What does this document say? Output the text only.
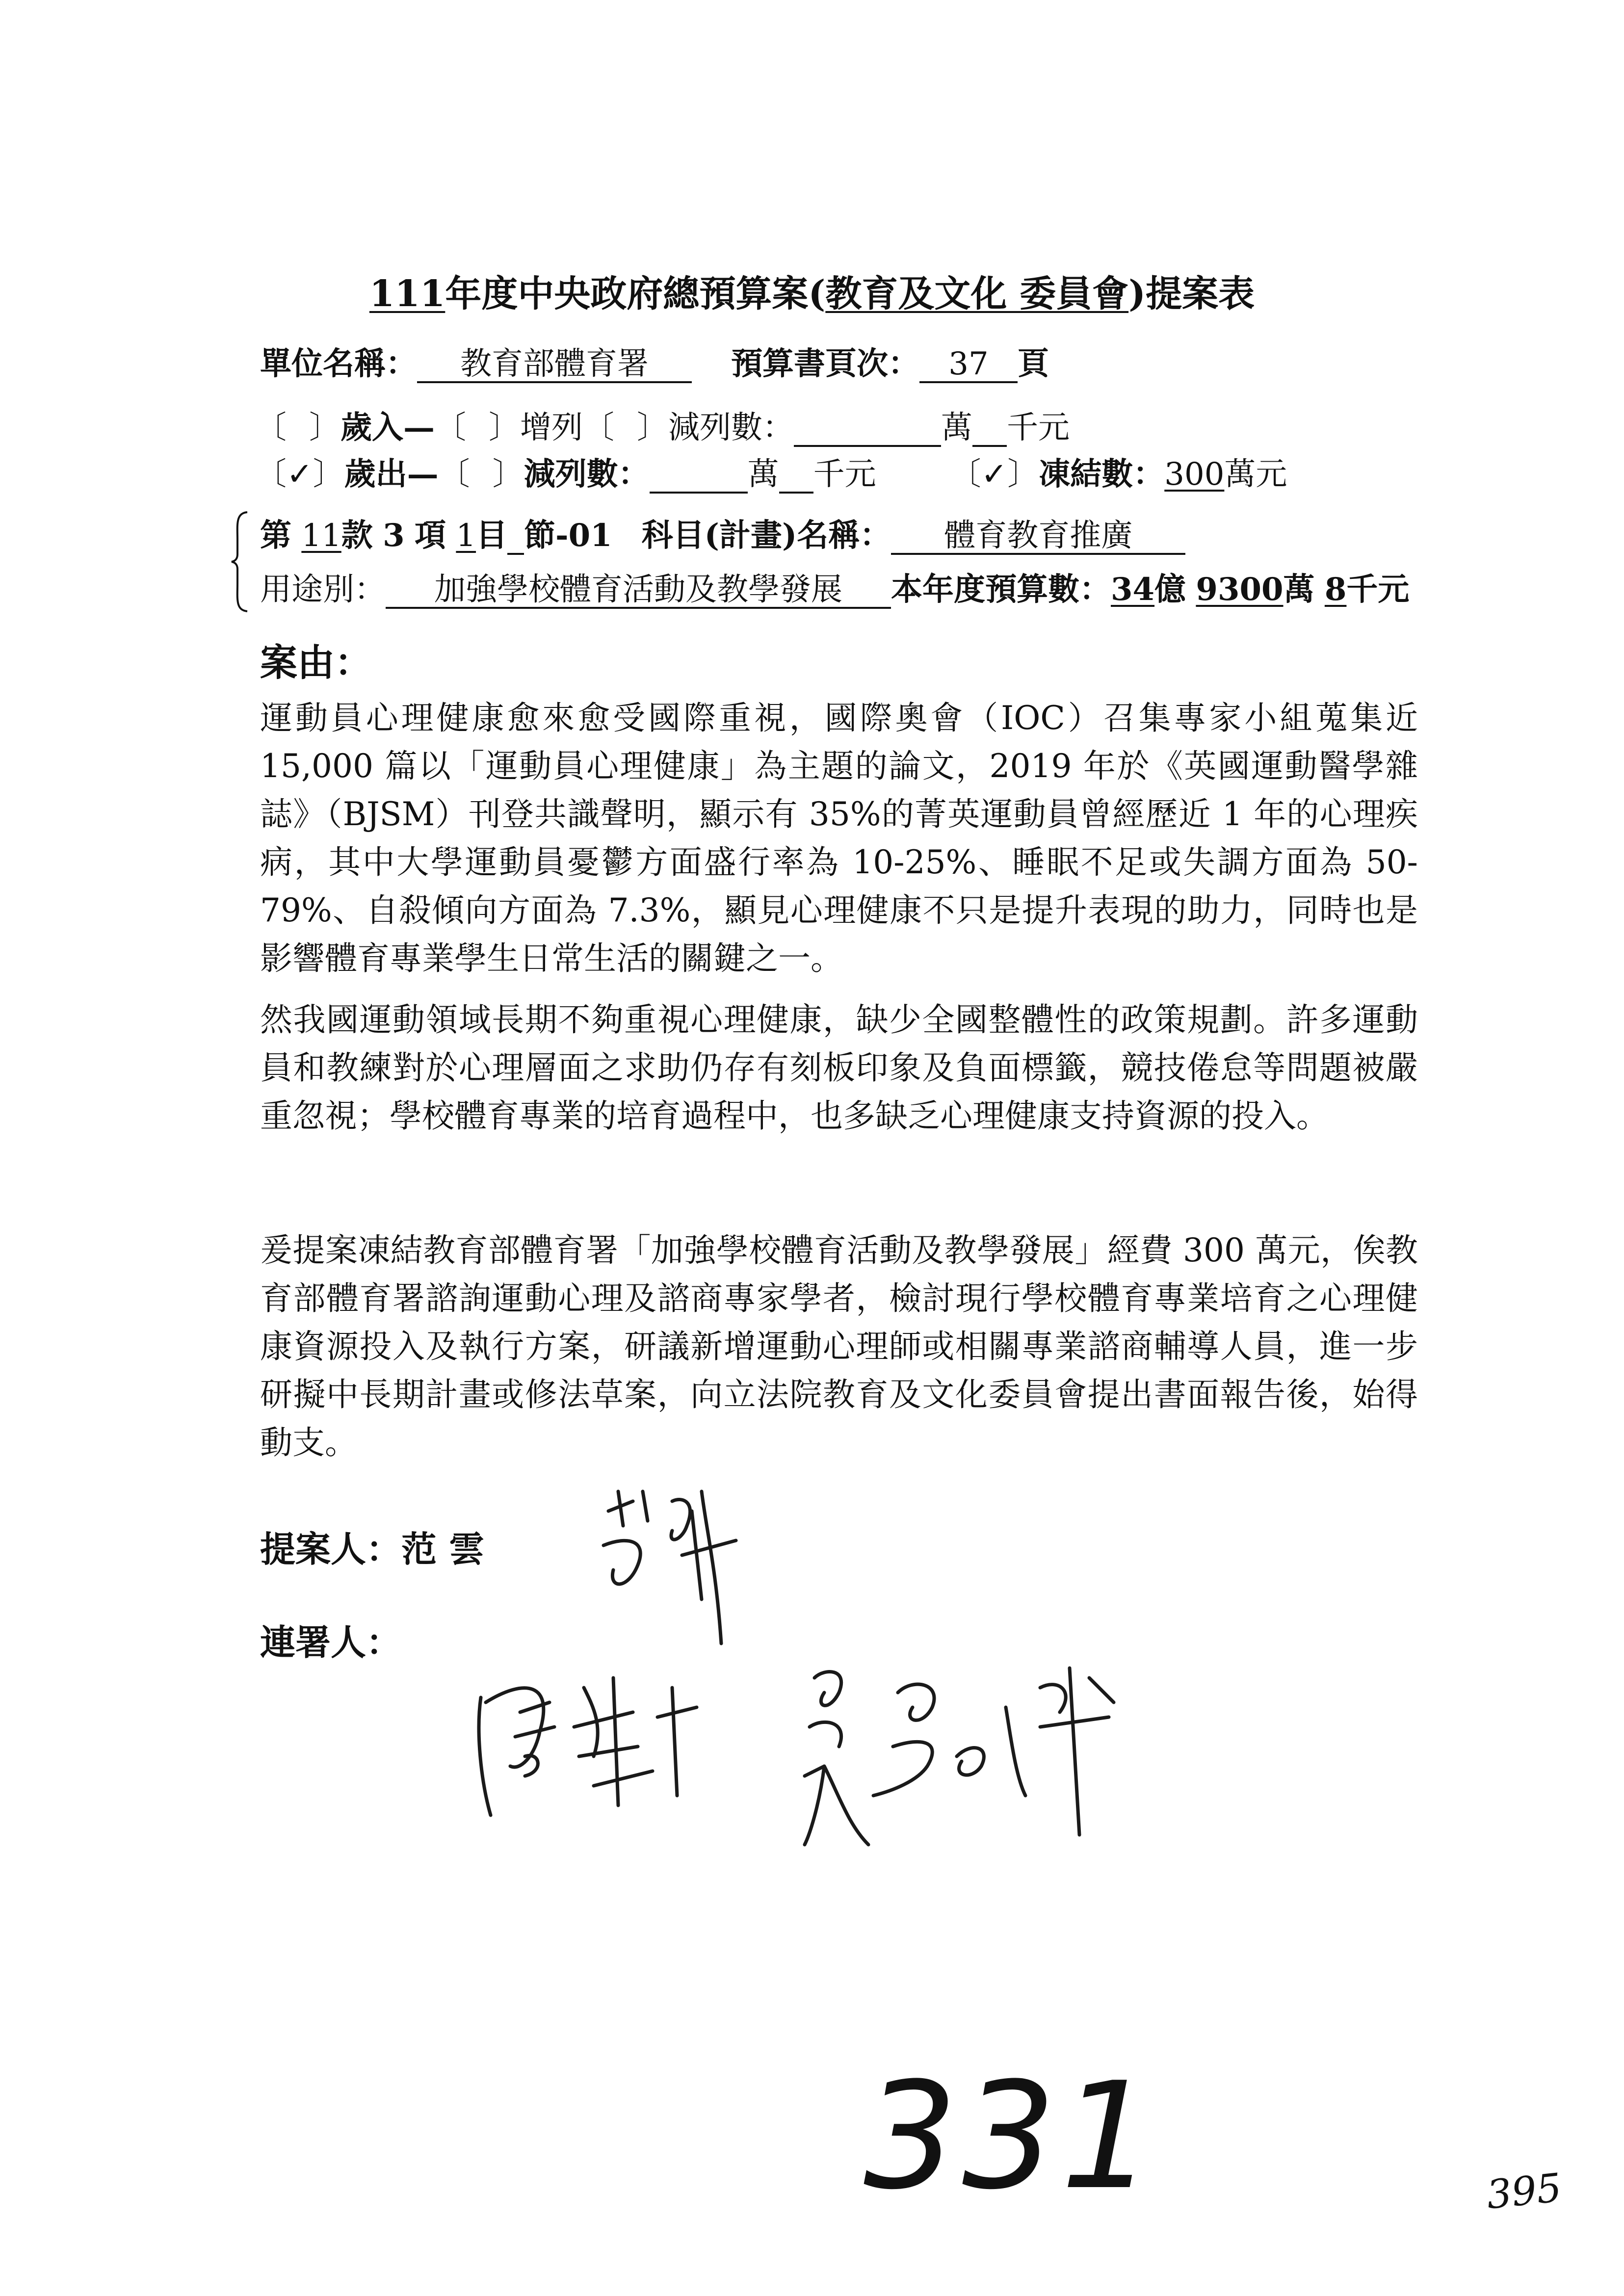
111年度中央政府總預算案(教育及文化 委員會)提案表
單位名稱： 教育部體育署	預算書頁次： 37 頁
〔 〕歲入—〔 〕增列〔 〕減列數：	萬 千元
〔✓〕歲出—〔 〕減列數：	萬 千元 〔✓〕凍結數：300萬元
第 11款 3 項 1目 節-01 科目(計畫)名稱： 體育教育推廣
用途別： 加強學校體育活動及教學發展 本年度預算數：34億 9300萬 8千元
案由：
運動員心理健康愈來愈受國際重視，國際奧會（IOC）召集專家小組蒐集近 15,000 篇以「運動員心理健康」為主題的論文，2019 年於《英國運動醫學雜誌》（BJSM）刊登共識聲明，顯示有 35%的菁英運動員曾經歷近 1 年的心理疾病，其中大學運動員憂鬱方面盛行率為 10-25%、睡眠不足或失調方面為 50-79%、自殺傾向方面為 7.3%，顯見心理健康不只是提升表現的助力，同時也是影響體育專業學生日常生活的關鍵之一。
然我國運動領域長期不夠重視心理健康，缺少全國整體性的政策規劃。許多運動員和教練對於心理層面之求助仍存有刻板印象及負面標籤，競技倦怠等問題被嚴重忽視；學校體育專業的培育過程中，也多缺乏心理健康支持資源的投入。
爰提案凍結教育部體育署「加強學校體育活動及教學發展」經費 300 萬元，俟教育部體育署諮詢運動心理及諮商專家學者，檢討現行學校體育專業培育之心理健康資源投入及執行方案，研議新增運動心理師或相關專業諮商輔導人員，進一步研擬中長期計畫或修法草案，向立法院教育及文化委員會提出書面報告後，始得動支。
提案人：范 雲
連署人：
331	395
